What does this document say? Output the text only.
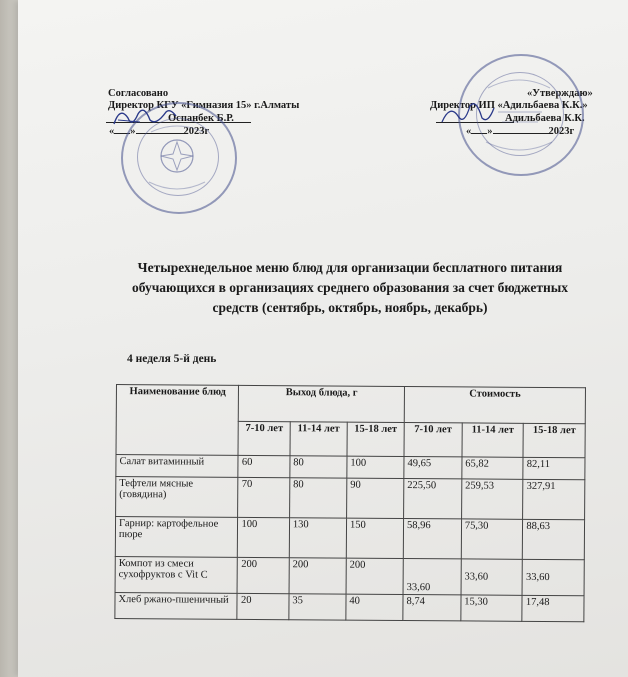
Согласовано
Директор КГУ «Гимназия 15» г.Алматы
Оспанбек Б.Р.
« »	2023г
«Утверждаю»
Директор ИП «Адильбаева К.К.»
Адильбаева К.К.
« »	2023г
Четырехнедельное меню блюд для организации бесплатного питания обучающихся в организациях среднего образования за счет бюджетных средств (сентябрь, октябрь, ноябрь, декабрь)
4 неделя 5-й день
Наименование блюд	Выход блюда, г			Стоимость		
	7-10 лет	11-14 лет	15-18 лет	7-10 лет	11-14 лет	15-18 лет
Салат витаминный	60	80	100	49,65	65,82	82,11
Тефтели мясные (говядина)	70	80	90	225,50	259,53	327,91
Гарнир: картофельное пюре	100	130	150	58,96	75,30	88,63
Компот из смеси сухофруктов с Vit C	200	200	200	33,60	33,60	33,60
Хлеб ржано-пшеничный	20	35	40	8,74	15,30	17,48
